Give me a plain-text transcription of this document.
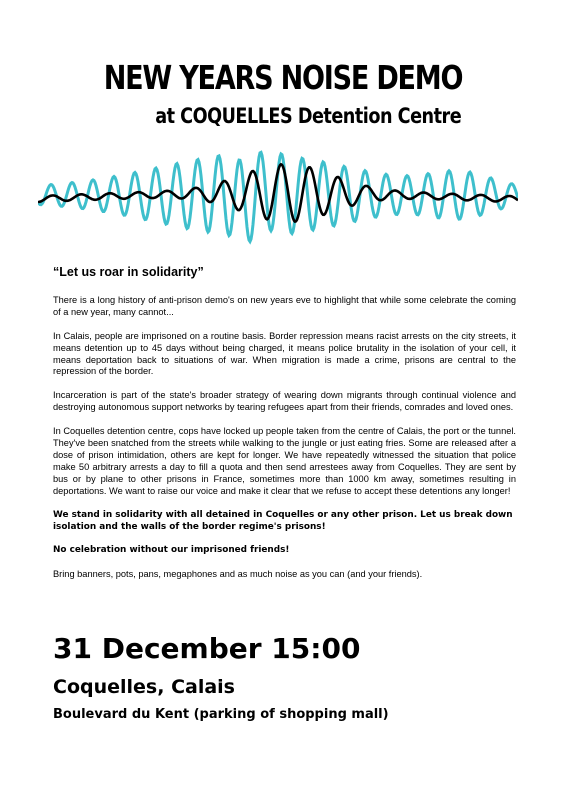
NEW YEARS NOISE DEMO
at COQUELLES Detention Centre

“Let us roar in solidarity”

There is a long history of anti-prison demo's on new years eve to highlight that while some celebrate the coming of a new year, many cannot...

In Calais, people are imprisoned on a routine basis. Border repression means racist arrests on the city streets, it means detention up to 45 days without being charged, it means police brutality in the isolation of your cell, it means deportation back to situations of war. When migration is made a crime, prisons are central to the repression of the border.

Incarceration is part of the state's broader strategy of wearing down migrants through continual violence and destroying autonomous support networks by tearing refugees apart from their friends, comrades and loved ones.

In Coquelles detention centre, cops have locked up people taken from the centre of Calais, the port or the tunnel. They've been snatched from the streets while walking to the jungle or just eating fries. Some are released after a dose of prison intimidation, others are kept for longer. We have repeatedly witnessed the situation that police make 50 arbitrary arrests a day to fill a quota and then send arrestees away from Coquelles. They are sent by bus or by plane to other prisons in France, sometimes more than 1000 km away, sometimes resulting in deportations. We want to raise our voice and make it clear that we refuse to accept these detentions any longer!

We stand in solidarity with all detained in Coquelles or any other prison. Let us break down isolation and the walls of the border regime's prisons!

No celebration without our imprisoned friends!

Bring banners, pots, pans, megaphones and as much noise as you can (and your friends).

31 December 15:00

Coquelles, Calais

Boulevard du Kent (parking of shopping mall)
